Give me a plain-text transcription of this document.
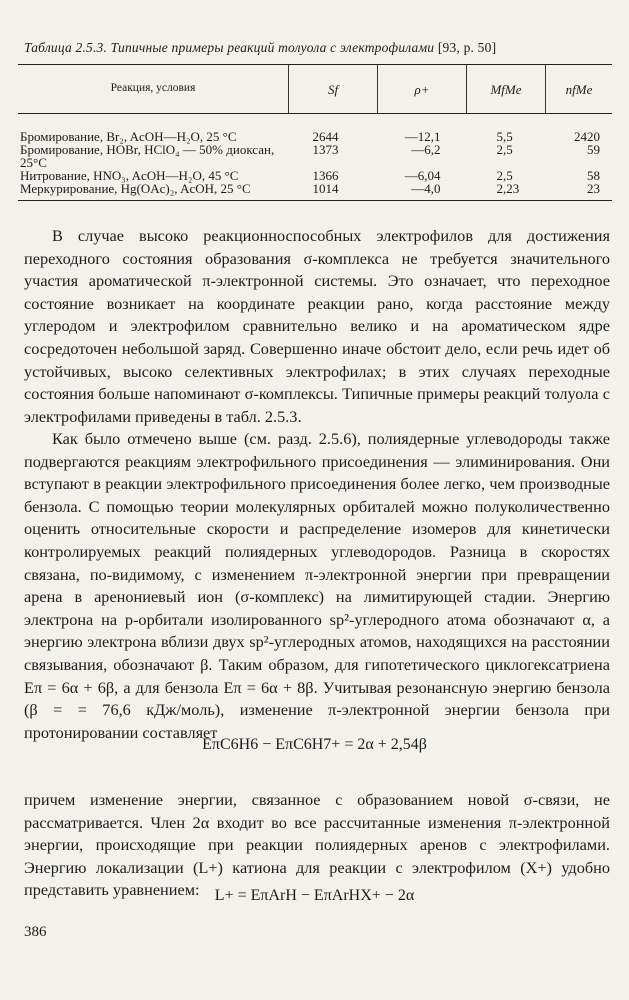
Таблица 2.5.3. Типичные примеры реакций толуола с электрофилами [93, р. 50]
Реакция, условия	Sf	ρ+	MfMe	nfMe
Бромирование, Br₂, AcOH—H₂O, 25 °C	2644	—12,1	5,5	2420
Бромирование, HOBr, HClO₄ — 50% диоксан, 25°C	1373	—6,2	2,5	59
Нитрование, HNO₃, AcOH—H₂O, 45 °C	1366	—6,04	2,5	58
Меркурирование, Hg(OAc)₂, AcOH, 25 °C	1014	—4,0	2,23	23

В случае высоко реакционноспособных электрофилов для достижения переходного состояния образования σ-комплекса не требуется значительного участия ароматической π-электронной системы. Это означает, что переходное состояние возникает на координате реакции рано, когда расстояние между углеродом и электрофилом сравнительно велико и на ароматическом ядре сосредоточен небольшой заряд. Совершенно иначе обстоит дело, если речь идет об устойчивых, высоко селективных электрофилах; в этих случаях переходные состояния больше напоминают σ-комплексы. Типичные примеры реакций толуола с электрофилами приведены в табл. 2.5.3.

Как было отмечено выше (см. разд. 2.5.6), полиядерные углеводороды также подвергаются реакциям электрофильного присоединения — элиминирования. Они вступают в реакции электрофильного присоединения более легко, чем производные бензола. С помощью теории молекулярных орбиталей можно полуколичественно оценить относительные скорости и распределение изомеров для кинетически контролируемых реакций полиядерных углеводородов. Разница в скоростях связана, по-видимому, с изменением π-электронной энергии при превращении арена в аренониевый ион (σ-комплекс) на лимитирующей стадии. Энергию электрона на p-орбитали изолированного sp²-углеродного атома обозначают α, а энергию электрона вблизи двух sp²-углеродных атомов, находящихся на расстоянии связывания, обозначают β. Таким образом, для гипотетического циклогексатриена Eπ = 6α + 6β, а для бензола Eπ = 6α + 8β. Учитывая резонансную энергию бензола (β = = 76,6 кДж/моль), изменение π-электронной энергии бензола при протонировании составляет

EπC6H6 − EπC6H7+ = 2α + 2,54β

причем изменение энергии, связанное с образованием новой σ-связи, не рассматривается. Член 2α входит во все рассчитанные изменения π-электронной энергии, происходящие при реакции полиядерных аренов с электрофилами. Энергию локализации (L+) катиона для реакции с электрофилом (X+) удобно представить уравнением: L+ = EπArH − EπArHX+ − 2α
386
